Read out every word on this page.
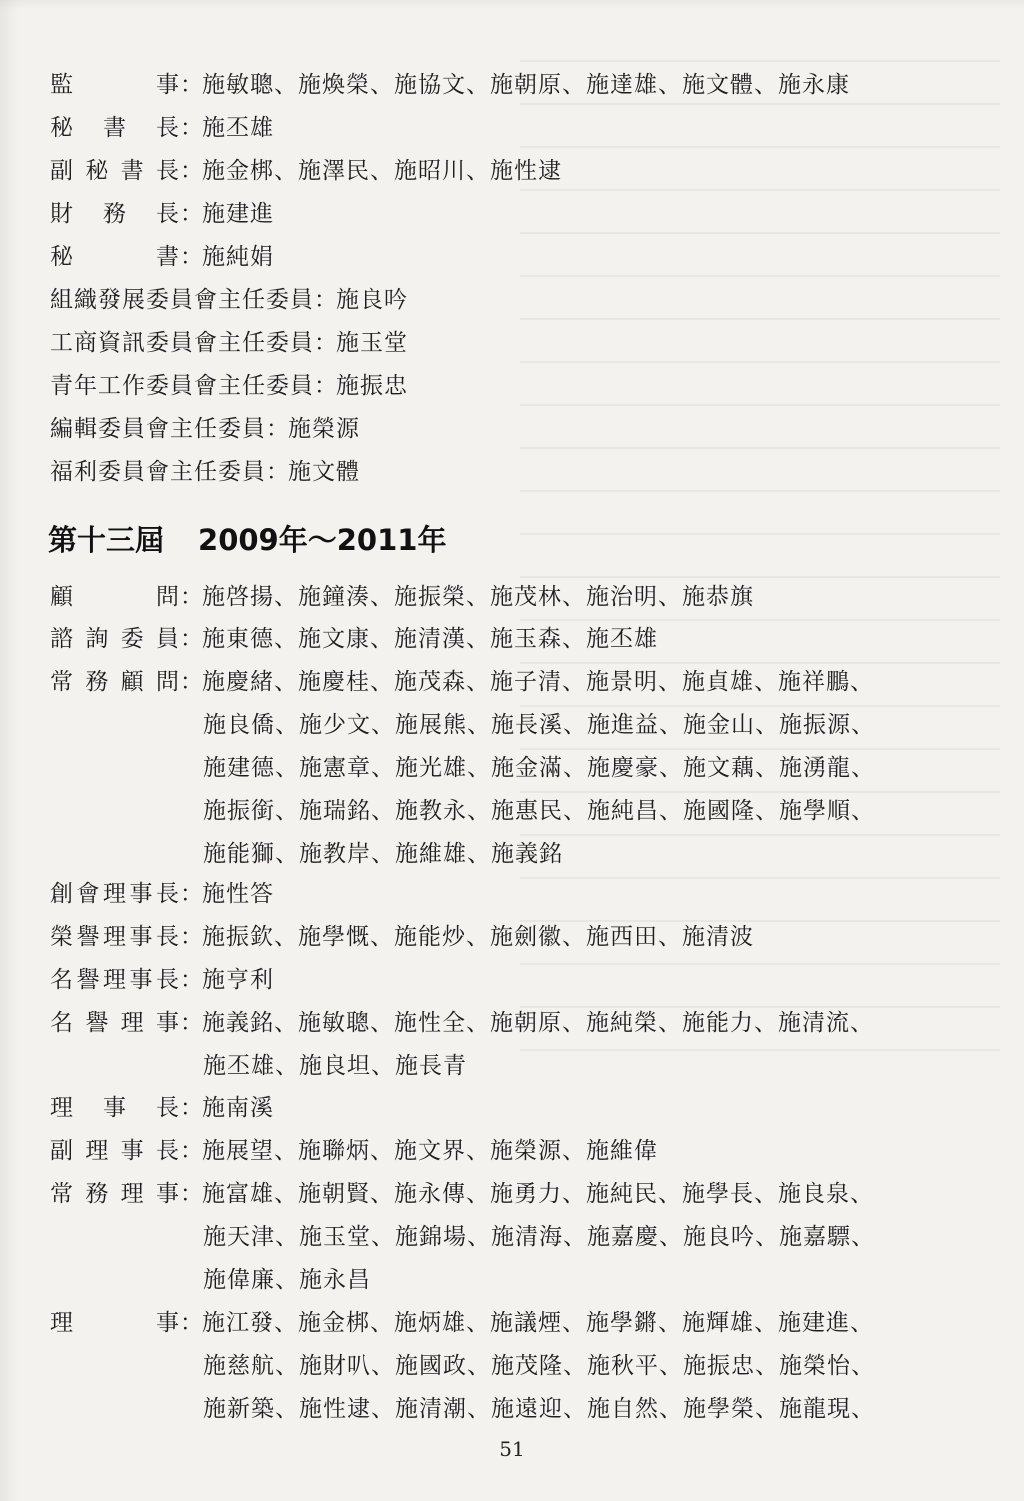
監事 ：
施敏聰、施煥榮、施協文、施朝原、施達雄、施文體、施永康
秘書長 ：
施丕雄
副秘書長 ：
施金梆、施澤民、施昭川、施性逮
財務長 ：
施建進
秘書 ：
施純娟
組織發展委員會主任委員 ：
施良吟
工商資訊委員會主任委員 ：
施玉堂
青年工作委員會主任委員 ：
施振忠
編輯委員會主任委員 ：
施榮源
福利委員會主任委員 ：
施文體
第十三屆 2009年～2011年
顧問 ：
施啓揚、施鐘湊、施振榮、施茂林、施治明、施恭旗
諮詢委員 ：
施東德、施文康、施清漢、施玉森、施丕雄
常務顧問 ：
施慶緒、施慶桂、施茂森、施子清、施景明、施貞雄、施祥鵬、
施良僑、施少文、施展熊、施長溪、施進益、施金山、施振源、
施建德、施憲章、施光雄、施金滿、施慶豪、施文藕、施湧龍、
施振銜、施瑞銘、施教永、施惠民、施純昌、施國隆、施學順、
施能獅、施教岸、施維雄、施義銘
創會理事長 ：
施性答
榮譽理事長 ：
施振欽、施學慨、施能炒、施劍徽、施西田、施清波
名譽理事長 ：
施亨利
名譽理事 ：
施義銘、施敏聰、施性全、施朝原、施純榮、施能力、施清流、
施丕雄、施良坦、施長青
理事長 ：
施南溪
副理事長 ：
施展望、施聯炳、施文界、施榮源、施維偉
常務理事 ：
施富雄、施朝賢、施永傳、施勇力、施純民、施學長、施良泉、
施天津、施玉堂、施錦場、施清海、施嘉慶、施良吟、施嘉驃、
施偉廉、施永昌
理事 ：
施江發、施金梆、施炳雄、施議煙、施學鏘、施輝雄、施建進、
施慈航、施財叭、施國政、施茂隆、施秋平、施振忠、施榮怡、
施新築、施性逮、施清潮、施遠迎、施自然、施學榮、施龍現、
51
